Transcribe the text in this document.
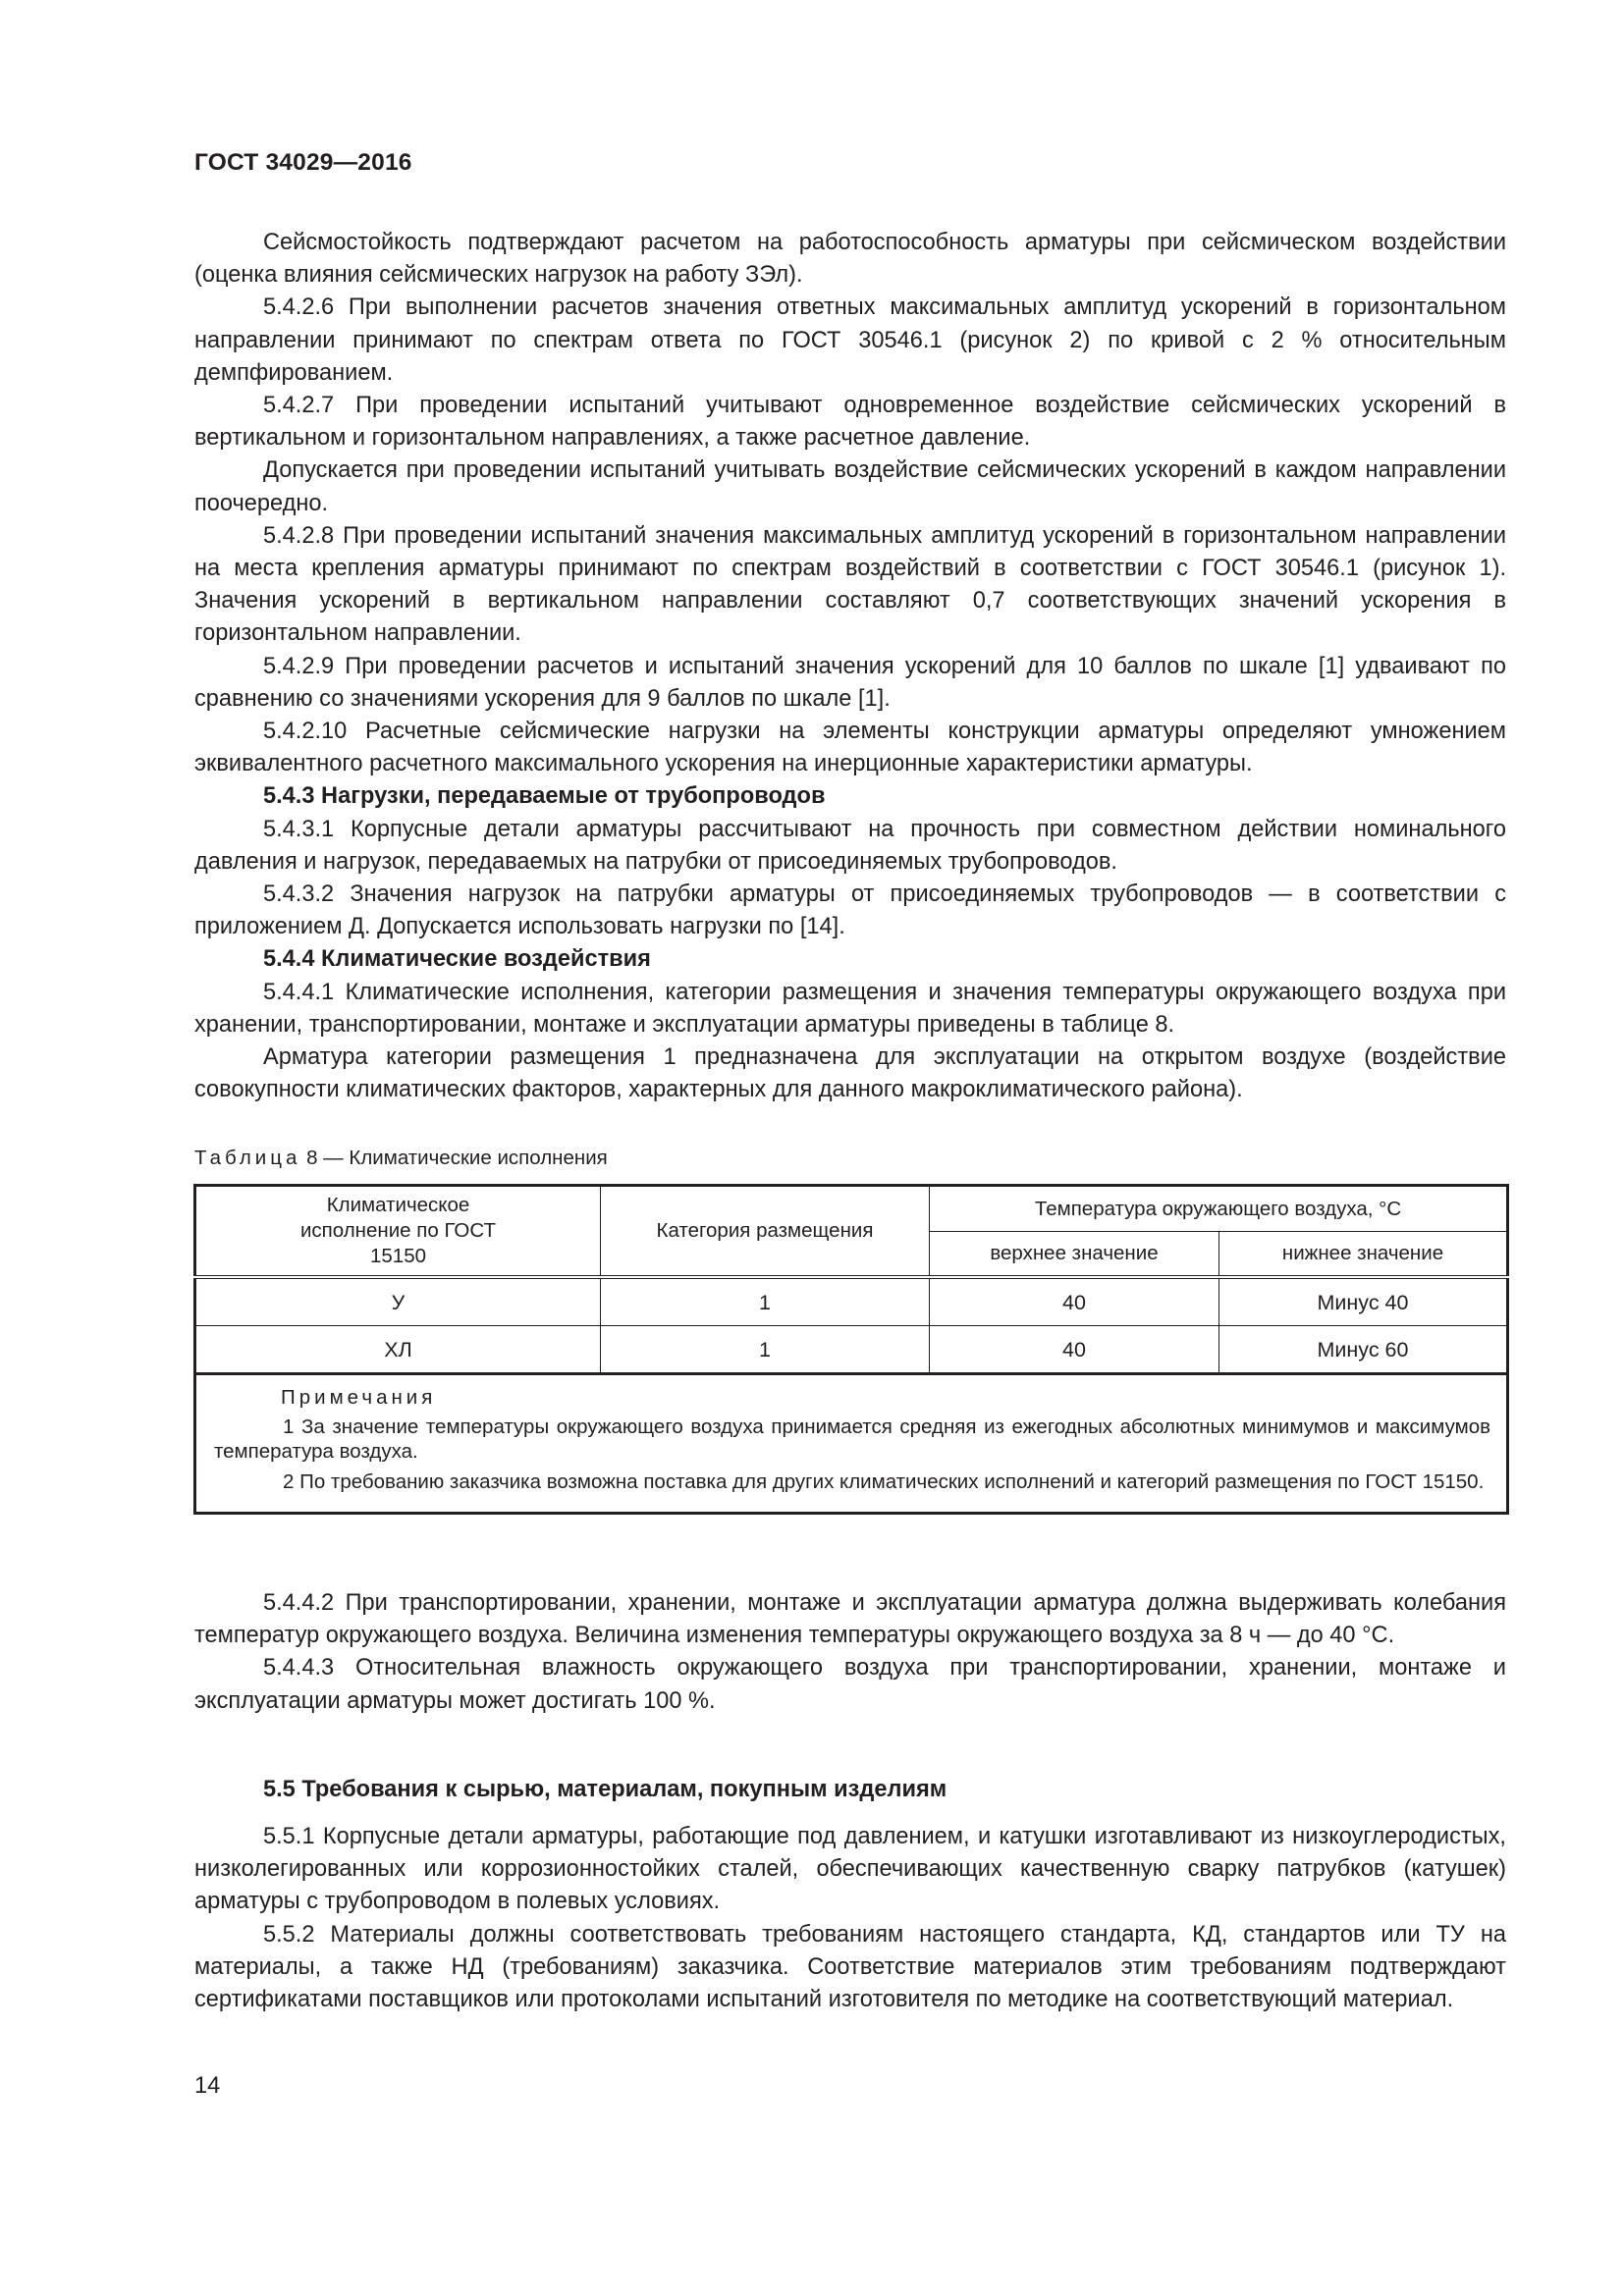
ГОСТ 34029—2016

Сейсмостойкость подтверждают расчетом на работоспособность арматуры при сейсмическом воздействии (оценка влияния сейсмических нагрузок на работу ЗЭл).

5.4.2.6 При выполнении расчетов значения ответных максимальных амплитуд ускорений в горизонтальном направлении принимают по спектрам ответа по ГОСТ 30546.1 (рисунок 2) по кривой с 2 % относительным демпфированием.

5.4.2.7 При проведении испытаний учитывают одновременное воздействие сейсмических ускорений в вертикальном и горизонтальном направлениях, а также расчетное давление.

Допускается при проведении испытаний учитывать воздействие сейсмических ускорений в каждом направлении поочередно.

5.4.2.8 При проведении испытаний значения максимальных амплитуд ускорений в горизонтальном направлении на места крепления арматуры принимают по спектрам воздействий в соответствии с ГОСТ 30546.1 (рисунок 1). Значения ускорений в вертикальном направлении составляют 0,7 соответствующих значений ускорения в горизонтальном направлении.

5.4.2.9 При проведении расчетов и испытаний значения ускорений для 10 баллов по шкале [1] удваивают по сравнению со значениями ускорения для 9 баллов по шкале [1].

5.4.2.10 Расчетные сейсмические нагрузки на элементы конструкции арматуры определяют умножением эквивалентного расчетного максимального ускорения на инерционные характеристики арматуры.

5.4.3 Нагрузки, передаваемые от трубопроводов

5.4.3.1 Корпусные детали арматуры рассчитывают на прочность при совместном действии номинального давления и нагрузок, передаваемых на патрубки от присоединяемых трубопроводов.

5.4.3.2 Значения нагрузок на патрубки арматуры от присоединяемых трубопроводов — в соответствии с приложением Д. Допускается использовать нагрузки по [14].

5.4.4 Климатические воздействия

5.4.4.1 Климатические исполнения, категории размещения и значения температуры окружающего воздуха при хранении, транспортировании, монтаже и эксплуатации арматуры приведены в таблице 8.

Арматура категории размещения 1 предназначена для эксплуатации на открытом воздухе (воздействие совокупности климатических факторов, характерных для данного макроклиматического района).

Таблица 8 — Климатические исполнения
Климатическое исполнение по ГОСТ 15150	Категория размещения	Температура окружающего воздуха, °С	
		верхнее значение	нижнее значение
У	1	40	Минус 40
ХЛ	1	40	Минус 60

Примечания

1 За значение температуры окружающего воздуха принимается средняя из ежегодных абсолютных минимумов и максимумов температура воздуха.

2 По требованию заказчика возможна поставка для других климатических исполнений и категорий размещения по ГОСТ 15150.			

5.4.4.2 При транспортировании, хранении, монтаже и эксплуатации арматура должна выдерживать колебания температур окружающего воздуха. Величина изменения температуры окружающего воздуха за 8 ч — до 40 °С.

5.4.4.3 Относительная влажность окружающего воздуха при транспортировании, хранении, монтаже и эксплуатации арматуры может достигать 100 %.

5.5 Требования к сырью, материалам, покупным изделиям

5.5.1 Корпусные детали арматуры, работающие под давлением, и катушки изготавливают из низкоуглеродистых, низколегированных или коррозионностойких сталей, обеспечивающих качественную сварку патрубков (катушек) арматуры с трубопроводом в полевых условиях.

5.5.2 Материалы должны соответствовать требованиям настоящего стандарта, КД, стандартов или ТУ на материалы, а также НД (требованиям) заказчика. Соответствие материалов этим требованиям подтверждают сертификатами поставщиков или протоколами испытаний изготовителя по методике на соответствующий материал.

14
